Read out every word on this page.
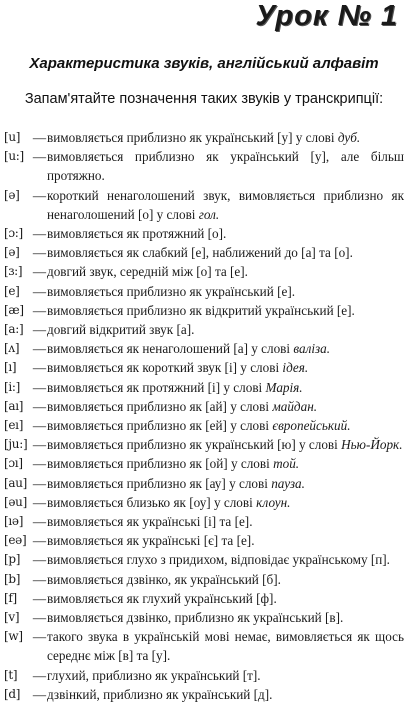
Урок № 1
Характеристика звуків, англійський алфавіт
Запам'ятайте позначення таких звуків у транскрипції:
[u] — вимовляється приблизно як український [у] у слові дуб.
[u:] — вимовляється приблизно як український [у], але більш протяжно.
[ə]	— короткий ненаголошений звук, вимовляється приблизно як ненаголошений [о] у слові гол.
[ɔ:] — вимовляється як протяжний [о].
[ə]	— вимовляється як слабкий [е], наближений до [а] та [о].
[ɜ:] — довгий звук, середній між [о] та [е].
[e]	— вимовляється приблизно як український [е].
[æ] — вимовляється приблизно як відкритий український [е].
[a:] — довгий відкритий звук [а].
[ʌ]	— вимовляється як ненаголошений [а] у слові валіза.
[ı]	— вимовляється як короткий звук [і] у слові ідея.
[i:] — вимовляється як протяжний [і] у слові Марія.
[aı] — вимовляється приблизно як [ай] у слові майдан.
[eı] — вимовляється приблизно як [ей] у слові європейський.
[ju:] — вимовляється приблизно як український [ю] у слові Нью-Йорк.
[ɔı] — вимовляється приблизно як [ой] у слові той.
[au] — вимовляється приблизно як [ау] у слові пауза.
[əu] — вимовляється близько як [оу] у слові клоун.
[ıə] — вимовляється як українські [і] та [е].
[eə] — вимовляється як українські [є] та [е].
[p] — вимовляється глухо з придихом, відповідає українському [п].
[b] — вимовляється дзвінко, як український [б].
[f]	— вимовляється як глухий український [ф].
[v]	— вимовляється дзвінко, приблизно як український [в].
[w] — такого звука в українській мові немає, вимовляється як щось середнє між [в] та [у].
[t]	— глухий, приблизно як український [т].
[d] — дзвінкий, приблизно як український [д].
